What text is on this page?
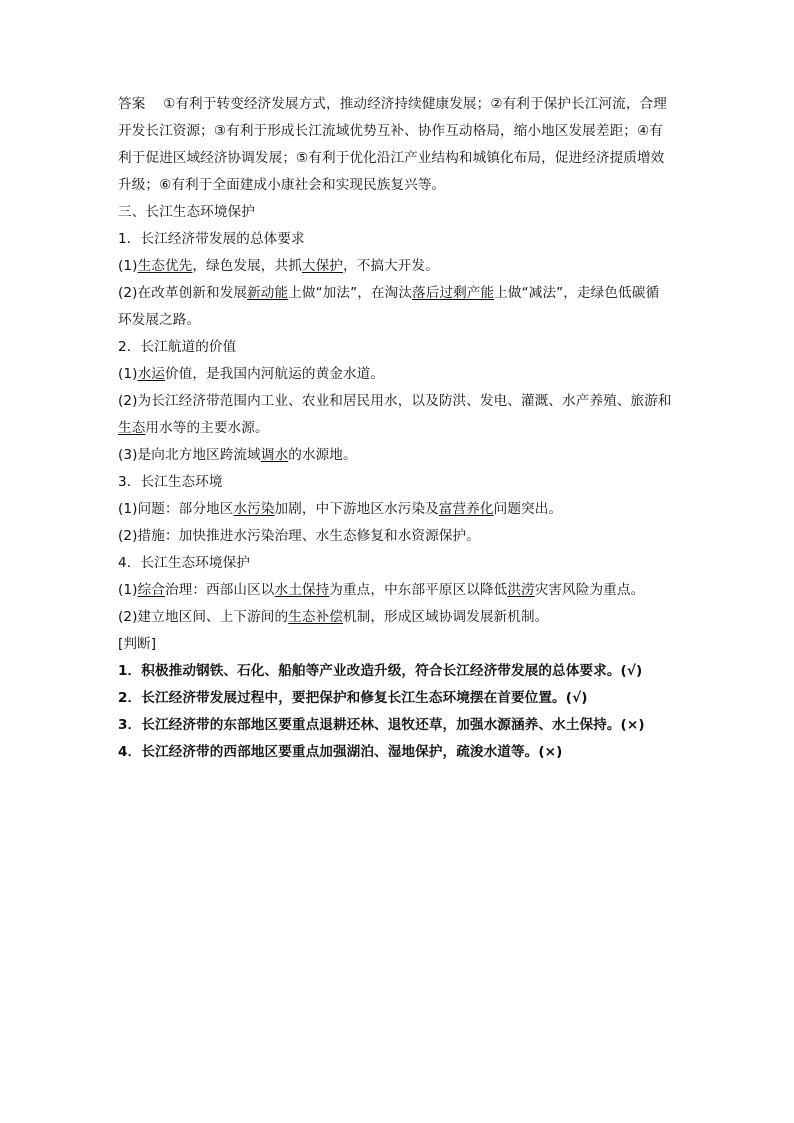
答案 ①有利于转变经济发展方式，推动经济持续健康发展；②有利于保护长江河流，合理
开发长江资源；③有利于形成长江流域优势互补、协作互动格局，缩小地区发展差距；④有
利于促进区域经济协调发展；⑤有利于优化沿江产业结构和城镇化布局，促进经济提质增效
升级；⑥有利于全面建成小康社会和实现民族复兴等。
三、长江生态环境保护
1．长江经济带发展的总体要求
(1)生态优先，绿色发展，共抓大保护，不搞大开发。
(2)在改革创新和发展新动能上做“加法”，在淘汰落后过剩产能上做“减法”，走绿色低碳循
环发展之路。
2．长江航道的价值
(1)水运价值，是我国内河航运的黄金水道。
(2)为长江经济带范围内工业、农业和居民用水，以及防洪、发电、灌溉、水产养殖、旅游和
生态用水等的主要水源。
(3)是向北方地区跨流域调水的水源地。
3．长江生态环境
(1)问题：部分地区水污染加剧，中下游地区水污染及富营养化问题突出。
(2)措施：加快推进水污染治理、水生态修复和水资源保护。
4．长江生态环境保护
(1)综合治理：西部山区以水土保持为重点，中东部平原区以降低洪涝灾害风险为重点。
(2)建立地区间、上下游间的生态补偿机制，形成区域协调发展新机制。
[判断]
1．积极推动钢铁、石化、船舶等产业改造升级，符合长江经济带发展的总体要求。(√)
2．长江经济带发展过程中，要把保护和修复长江生态环境摆在首要位置。(√)
3．长江经济带的东部地区要重点退耕还林、退牧还草，加强水源涵养、水土保持。(×)
4．长江经济带的西部地区要重点加强湖泊、湿地保护，疏浚水道等。(×)
